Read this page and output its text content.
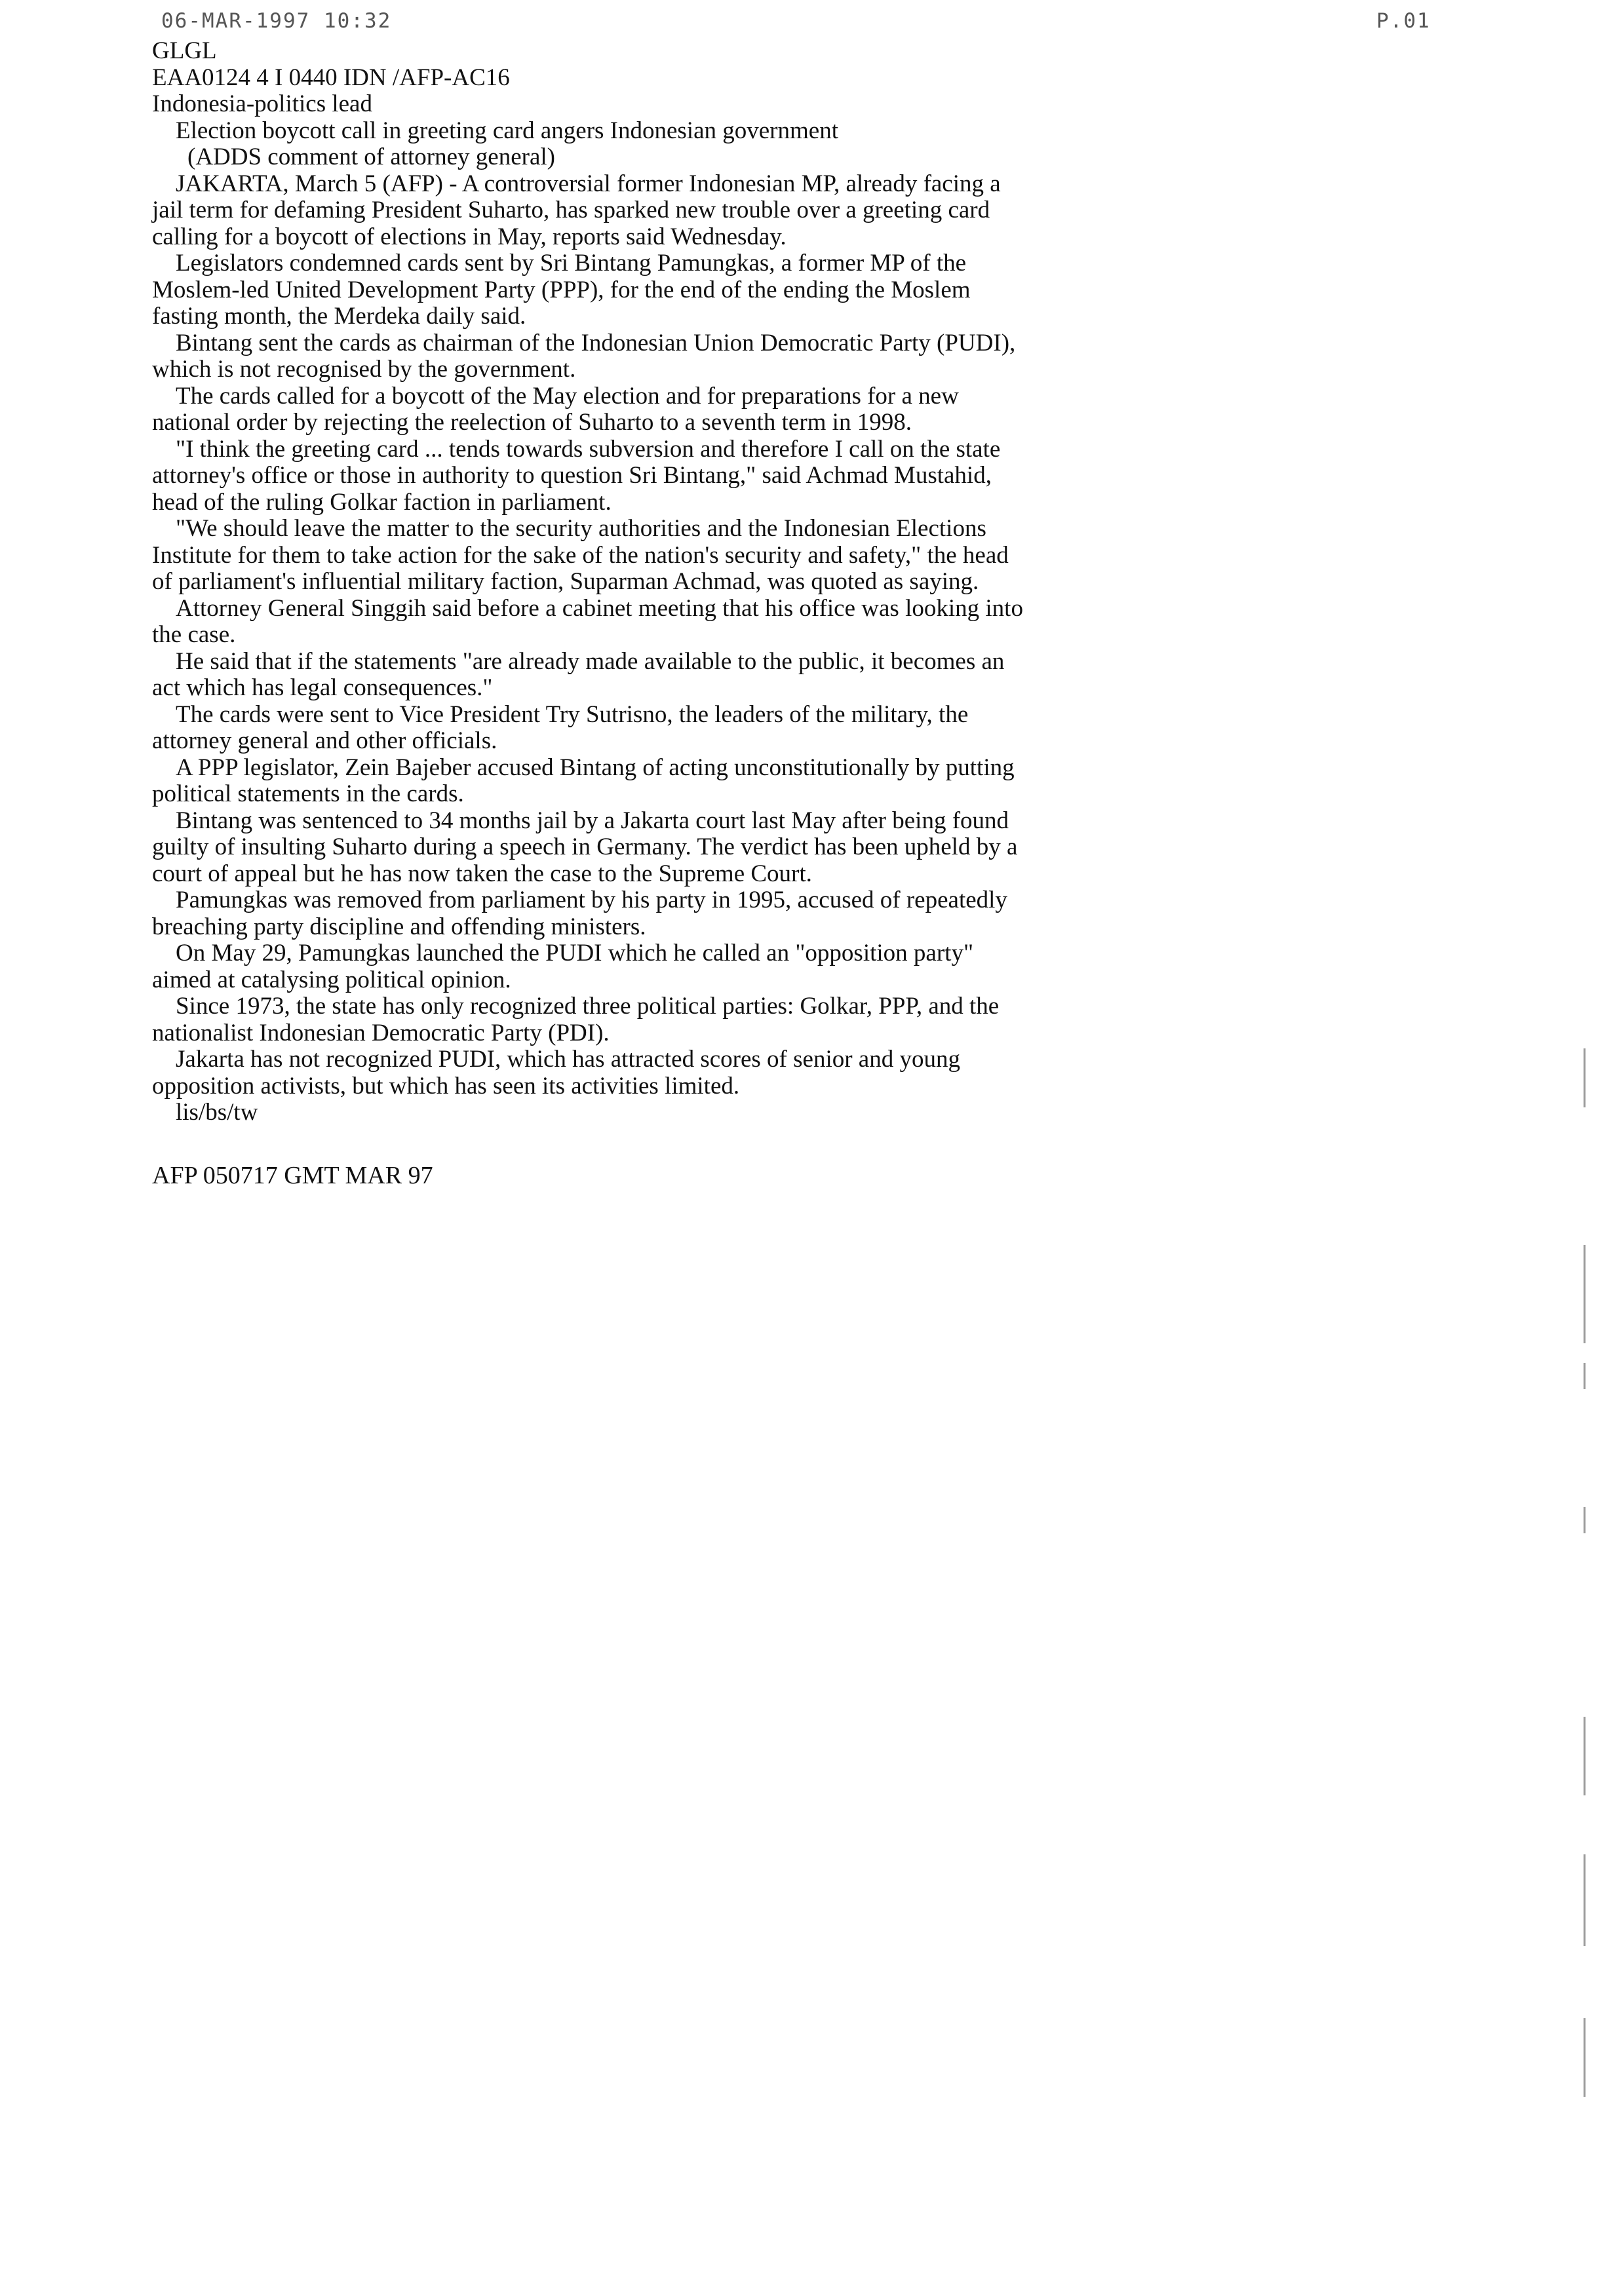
06-MAR-1997 10:32	P.01

GLGL

EAA0124 4 I 0440 IDN /AFP-AC16

Indonesia-politics lead

Election boycott call in greeting card angers Indonesian government

(ADDS comment of attorney general)

JAKARTA, March 5 (AFP) - A controversial former Indonesian MP, already facing a jail term for defaming President Suharto, has sparked new trouble over a greeting card calling for a boycott of elections in May, reports said Wednesday.

Legislators condemned cards sent by Sri Bintang Pamungkas, a former MP of the Moslem-led United Development Party (PPP), for the end of the ending the Moslem fasting month, the Merdeka daily said.

Bintang sent the cards as chairman of the Indonesian Union Democratic Party (PUDI), which is not recognised by the government.

The cards called for a boycott of the May election and for preparations for a new national order by rejecting the reelection of Suharto to a seventh term in 1998.

"I think the greeting card ... tends towards subversion and therefore I call on the state attorney's office or those in authority to question Sri Bintang," said Achmad Mustahid, head of the ruling Golkar faction in parliament.

"We should leave the matter to the security authorities and the Indonesian Elections Institute for them to take action for the sake of the nation's security and safety," the head of parliament's influential military faction, Suparman Achmad, was quoted as saying.

Attorney General Singgih said before a cabinet meeting that his office was looking into the case.

He said that if the statements "are already made available to the public, it becomes an act which has legal consequences."

The cards were sent to Vice President Try Sutrisno, the leaders of the military, the attorney general and other officials.

A PPP legislator, Zein Bajeber accused Bintang of acting unconstitutionally by putting political statements in the cards.

Bintang was sentenced to 34 months jail by a Jakarta court last May after being found guilty of insulting Suharto during a speech in Germany. The verdict has been upheld by a court of appeal but he has now taken the case to the Supreme Court.

Pamungkas was removed from parliament by his party in 1995, accused of repeatedly breaching party discipline and offending ministers.

On May 29, Pamungkas launched the PUDI which he called an "opposition party" aimed at catalysing political opinion.

Since 1973, the state has only recognized three political parties: Golkar, PPP, and the nationalist Indonesian Democratic Party (PDI).

Jakarta has not recognized PUDI, which has attracted scores of senior and young opposition activists, but which has seen its activities limited.

lis/bs/tw

AFP 050717 GMT MAR 97
